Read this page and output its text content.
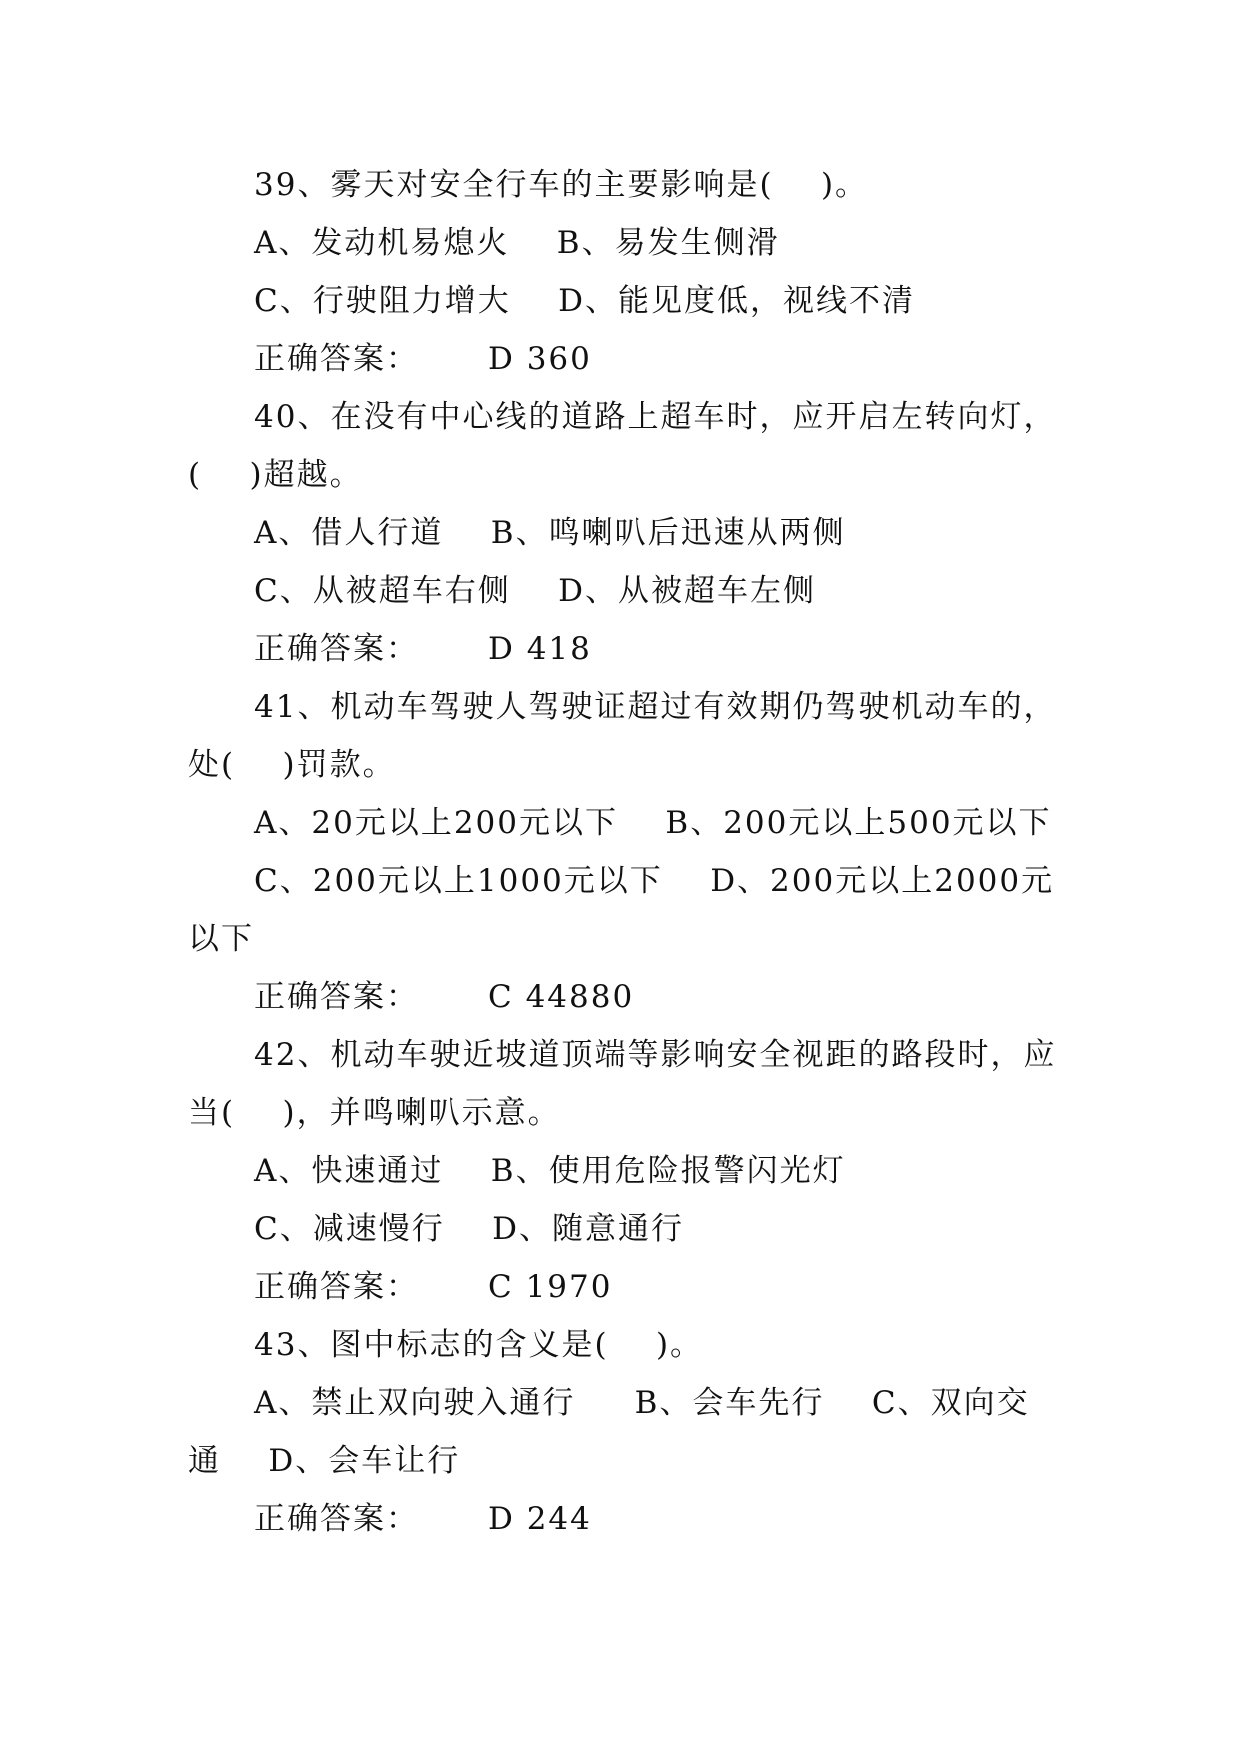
39、雾天对安全行车的主要影响是(    )。
A、发动机易熄火    B、易发生侧滑
C、行驶阻力增大    D、能见度低，视线不清
正确答案： D 360
40、在没有中心线的道路上超车时，应开启左转向灯，
(    )超越。
A、借人行道    B、鸣喇叭后迅速从两侧
C、从被超车右侧    D、从被超车左侧
正确答案： D 418
41、机动车驾驶人驾驶证超过有效期仍驾驶机动车的，
处(    )罚款。
A、20元以上200元以下    B、200元以上500元以下
C、200元以上1000元以下    D、200元以上2000元
以下
正确答案： C 44880
42、机动车驶近坡道顶端等影响安全视距的路段时，应
当(    )，并鸣喇叭示意。
A、快速通过    B、使用危险报警闪光灯
C、减速慢行    D、随意通行
正确答案： C 1970
43、图中标志的含义是(    )。
A、禁止双向驶入通行     B、会车先行    C、双向交
通    D、会车让行
正确答案： D 244
